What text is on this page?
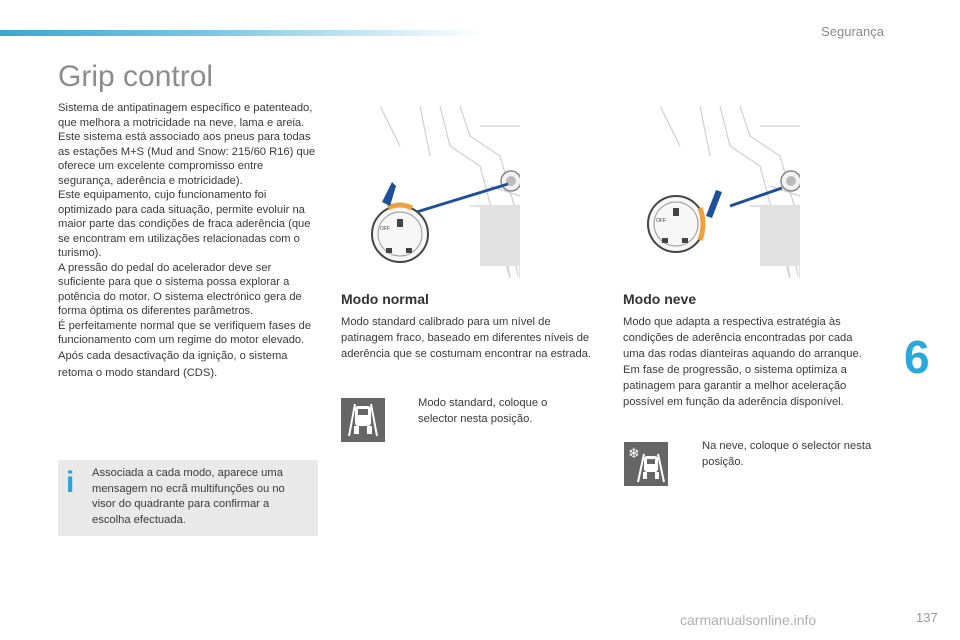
Segurança
Grip control
Sistema de antipatinagem específico e patenteado, que melhora a motricidade na neve, lama e areia.
Este sistema está associado aos pneus para todas as estações M+S (Mud and Snow: 215/60 R16) que oferece um excelente compromisso entre segurança, aderência e motricidade).
Este equipamento, cujo funcionamento foi optimizado para cada situação, permite evoluir na maior parte das condições de fraca aderência (que se encontram em utilizações relacionadas com o turismo).
A pressão do pedal do acelerador deve ser suficiente para que o sistema possa explorar a potência do motor. O sistema electrónico gera de forma óptima os diferentes parâmetros.
É perfeitamente normal que se verifiquem fases de funcionamento com um regime do motor elevado.
Após cada desactivação da ignição, o sistema retoma o modo standard (CDS).
i Associada a cada modo, aparece uma mensagem no ecrã multifunções ou no visor do quadrante para confirmar a escolha efectuada.
OFF
OFF
Modo normal
Modo standard calibrado para um nível de patinagem fraco, baseado em diferentes níveis de aderência que se costumam encontrar na estrada.
Modo standard, coloque o selector nesta posição.
Modo neve
Modo que adapta a respectiva estratégia às condições de aderência encontradas por cada uma das rodas dianteiras aquando do arranque. Em fase de progressão, o sistema optimiza a patinagem para garantir a melhor aceleração possível em função da aderência disponível.
❄	Na neve, coloque o selector nesta posição.
6
carmanualsonline.info	137
